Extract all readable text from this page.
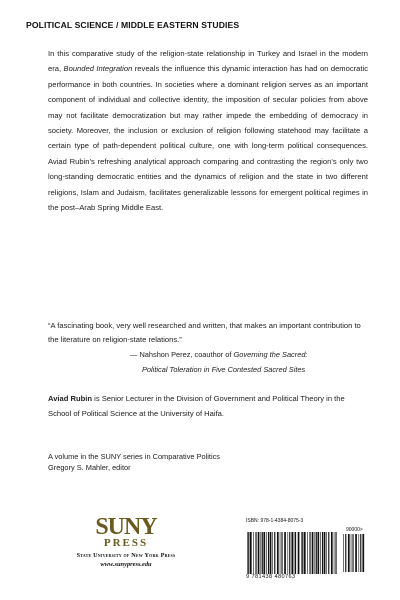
POLITICAL SCIENCE / MIDDLE EASTERN STUDIES

In this comparative study of the religion-state relationship in Turkey and Israel in the modern era, Bounded Integration reveals the influence this dynamic interaction has had on democratic performance in both countries. In societies where a dominant religion serves as an important component of individual and collective identity, the imposition of secular policies from above may not facilitate democratization but may rather impede the embedding of democracy in society. Moreover, the inclusion or exclusion of religion following statehood may facilitate a certain type of path-dependent political culture, one with long-term political consequences. Aviad Rubin’s refreshing analytical approach comparing and contrasting the region’s only two long-standing democratic entities and the dynamics of religion and the state in two different religions, Islam and Judaism, facilitates generalizable lessons for emergent political regimes in the post–Arab Spring Middle East.

“A fascinating book, very well researched and written, that makes an important contribution to the literature on religion-state relations.”

— Nahshon Perez, coauthor of Governing the Sacred:
Political Toleration in Five Contested Sacred Sites

Aviad Rubin is Senior Lecturer in the Division of Government and Political Theory in the School of Political Science at the University of Haifa.

A volume in the SUNY series in Comparative Politics
Gregory S. Mahler, editor
SUNY
PRESS
State University of New York Press
www.sunypress.edu
ISBN: 978-1-4384-8075-3
90000>
9 781438 480763
